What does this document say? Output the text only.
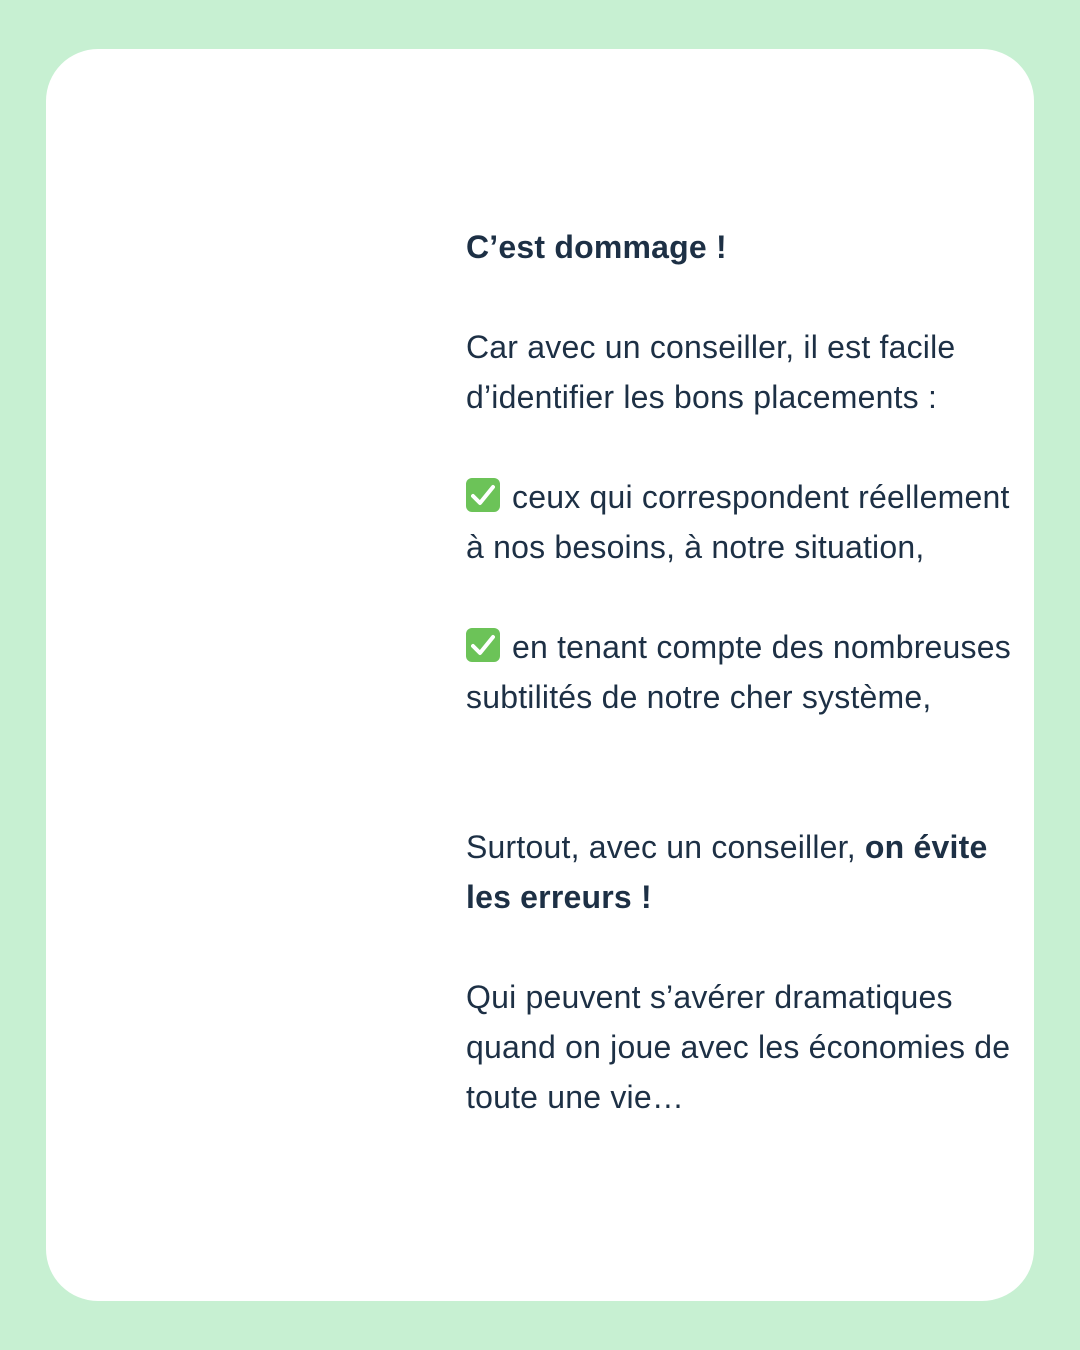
C’est dommage !

Car avec un conseiller, il est facile d’identifier les bons placements :

ceux qui correspondent réellement à nos besoins, à notre situation,

en tenant compte des nombreuses subtilités de notre cher système,

Surtout, avec un conseiller, on évite les erreurs !

Qui peuvent s’avérer dramatiques quand on joue avec les économies de toute une vie…
